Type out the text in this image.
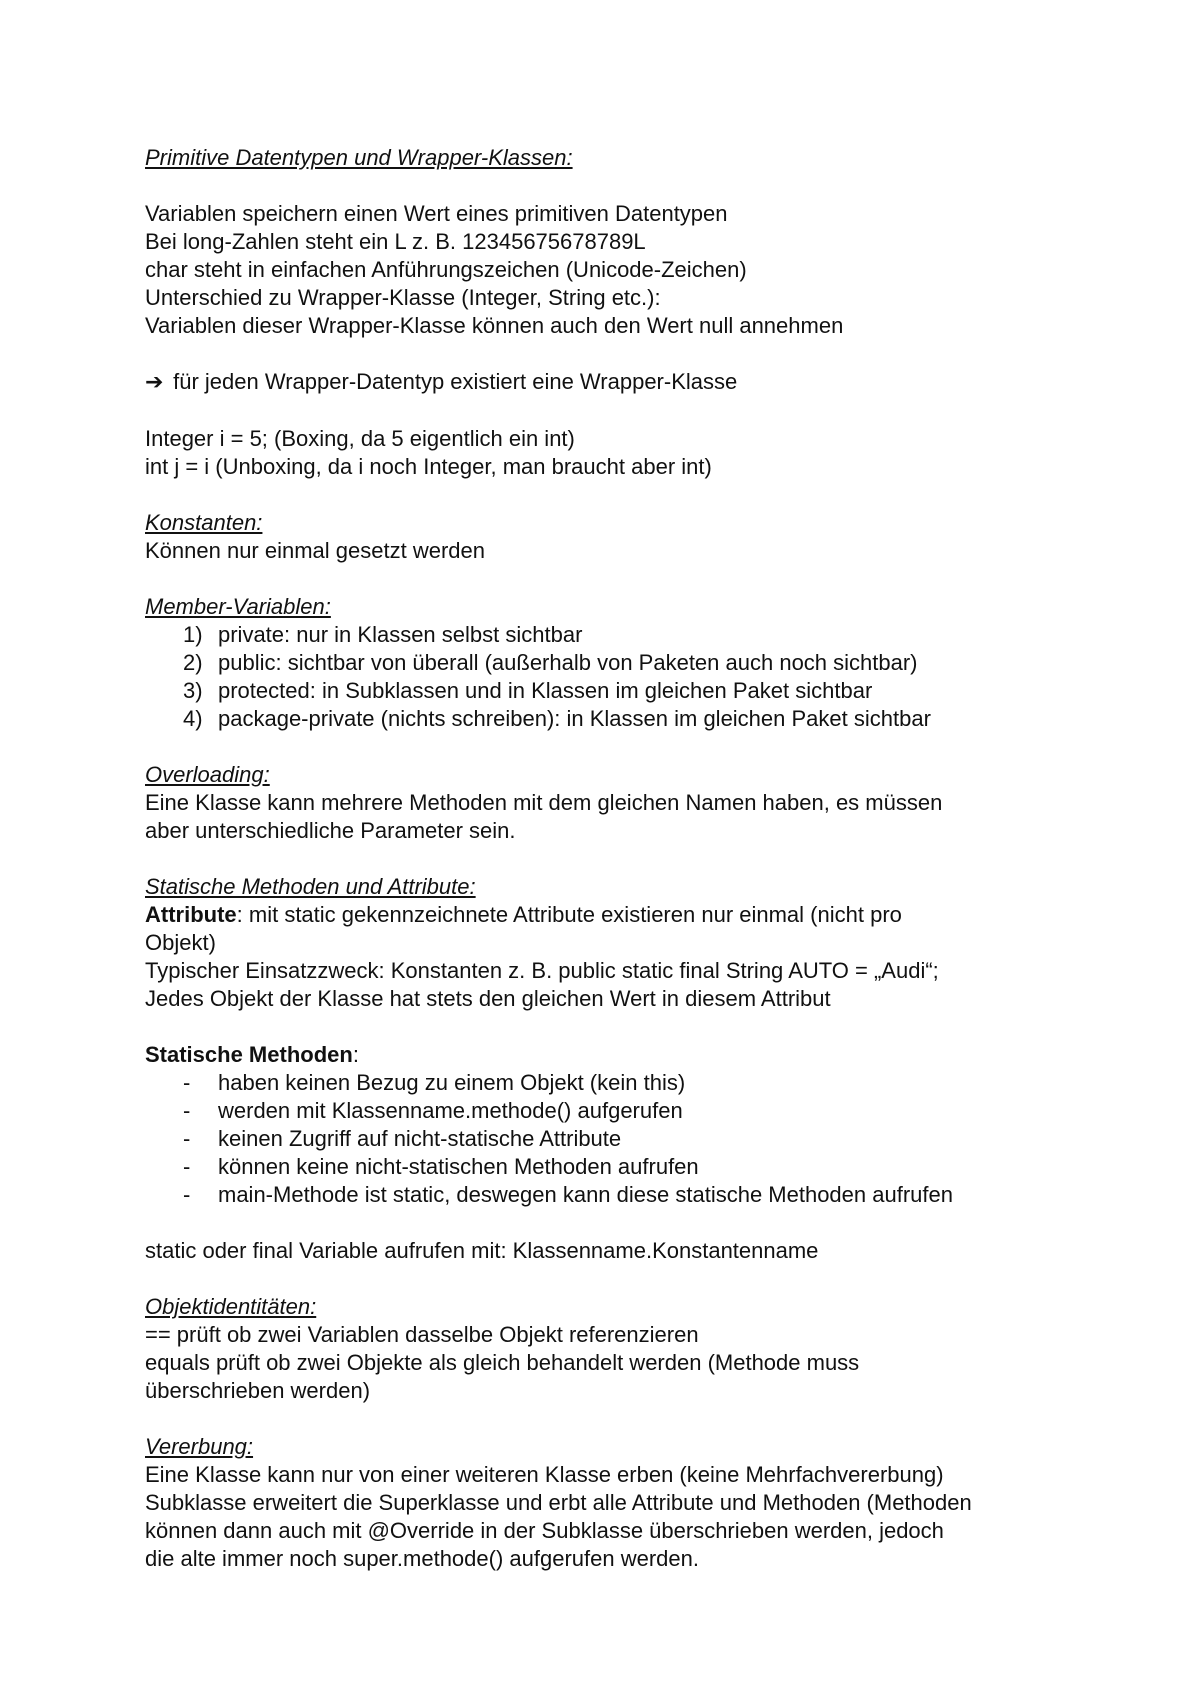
Primitive Datentypen und Wrapper-Klassen:

Variablen speichern einen Wert eines primitiven Datentypen

Bei long-Zahlen steht ein L z. B. 12345675678789L

char steht in einfachen Anführungszeichen (Unicode-Zeichen)

Unterschied zu Wrapper-Klasse (Integer, String etc.):

Variablen dieser Wrapper-Klasse können auch den Wert null annehmen

➔ für jeden Wrapper-Datentyp existiert eine Wrapper-Klasse

Integer i = 5; (Boxing, da 5 eigentlich ein int)

int j = i (Unboxing, da i noch Integer, man braucht aber int)

Konstanten:

Können nur einmal gesetzt werden

Member-Variablen:

1) private: nur in Klassen selbst sichtbar
2) public: sichtbar von überall (außerhalb von Paketen auch noch sichtbar)
3) protected: in Subklassen und in Klassen im gleichen Paket sichtbar
4) package-private (nichts schreiben): in Klassen im gleichen Paket sichtbar

Overloading:

Eine Klasse kann mehrere Methoden mit dem gleichen Namen haben, es müssen

aber unterschiedliche Parameter sein.

Statische Methoden und Attribute:

Attribute: mit static gekennzeichnete Attribute existieren nur einmal (nicht pro

Objekt)

Typischer Einsatzzweck: Konstanten z. B. public static final String AUTO = „Audi“;

Jedes Objekt der Klasse hat stets den gleichen Wert in diesem Attribut

Statische Methoden:

- haben keinen Bezug zu einem Objekt (kein this)
- werden mit Klassenname.methode() aufgerufen
- keinen Zugriff auf nicht-statische Attribute
- können keine nicht-statischen Methoden aufrufen
- main-Methode ist static, deswegen kann diese statische Methoden aufrufen

static oder final Variable aufrufen mit: Klassenname.Konstantenname

Objektidentitäten:

== prüft ob zwei Variablen dasselbe Objekt referenzieren

equals prüft ob zwei Objekte als gleich behandelt werden (Methode muss

überschrieben werden)

Vererbung:

Eine Klasse kann nur von einer weiteren Klasse erben (keine Mehrfachvererbung)

Subklasse erweitert die Superklasse und erbt alle Attribute und Methoden (Methoden

können dann auch mit @Override in der Subklasse überschrieben werden, jedoch

die alte immer noch super.methode() aufgerufen werden.
